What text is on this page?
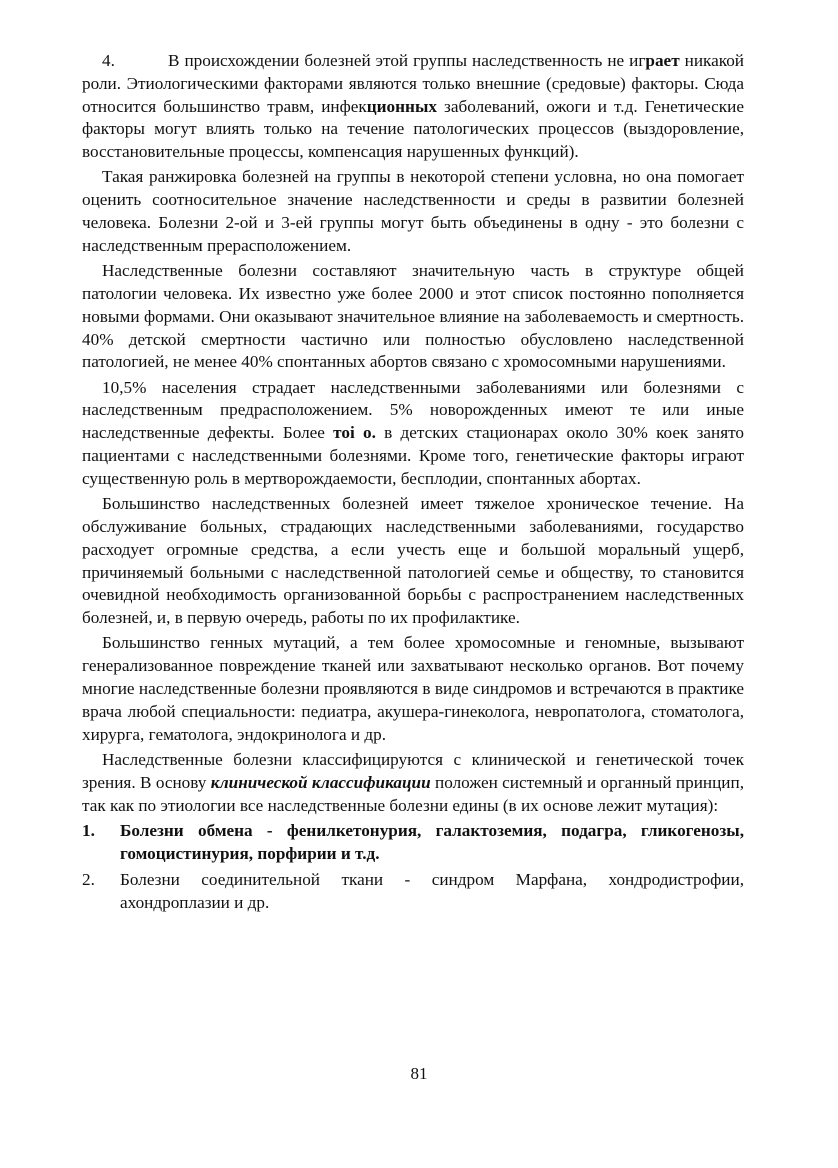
4.	В происхождении болезней этой группы наследственность не играет никакой роли. Этиологическими факторами являются только внешние (средовые) факторы. Сюда относится большинство травм, инфекционных заболеваний, ожоги и т.д. Генетические факторы могут влиять только на течение патологических процессов (выздоровление, восстановительные процессы, компенсация нарушенных функций).

Такая ранжировка болезней на группы в некоторой степени условна, но она помогает оценить соотносительное значение наследственности и среды в развитии болезней человека. Болезни 2-ой и 3-ей группы могут быть объединены в одну - это болезни с наследственным прерасположением.

Наследственные болезни составляют значительную часть в структуре общей патологии человека. Их известно уже более 2000 и этот список постоянно пополняется новыми формами. Они оказывают значительное влияние на заболеваемость и смертность. 40% детской смертности частично или полностью обусловлено наследственной патологией, не менее 40% спонтанных абортов связано с хромосомными нарушениями.

10,5% населения страдает наследственными заболеваниями или болезнями с наследственным предрасположением. 5% новорожденных имеют те или иные наследственные дефекты. Более тоi о. в детских стационарах около 30% коек занято пациентами с наследственными болезнями. Кроме того, генетические факторы играют существенную роль в мертворождаемости, бесплодии, спонтанных абортах.

Большинство наследственных болезней имеет тяжелое хроническое течение. На обслуживание больных, страдающих наследственными заболеваниями, государство расходует огромные средства, а если учесть еще и большой моральный ущерб, причиняемый больными с наследственной патологией семье и обществу, то становится очевидной необходимость организованной борьбы с распространением наследственных болезней, и, в первую очередь, работы по их профилактике.

Большинство генных мутаций, а тем более хромосомные и геномные, вызывают генерализованное повреждение тканей или захватывают несколько органов. Вот почему многие наследственные болезни проявляются в виде синдромов и встречаются в практике врача любой специальности: педиатра, акушера-гинеколога, невропатолога, стоматолога, хирурга, гематолога, эндокринолога и др.

Наследственные болезни классифицируются с клинической и генетической точек зрения. В основу клинической классификации положен системный и органный принцип, так как по этиологии все наследственные болезни едины (в их основе лежит мутация):

1. Болезни обмена - фенилкетонурия, галактоземия, подагра, гликогенозы, гомоцистинурия, порфирии и т.д.
2. Болезни соединительной ткани - синдром Марфана, хондродистрофии, ахондроплазии и др.
81
